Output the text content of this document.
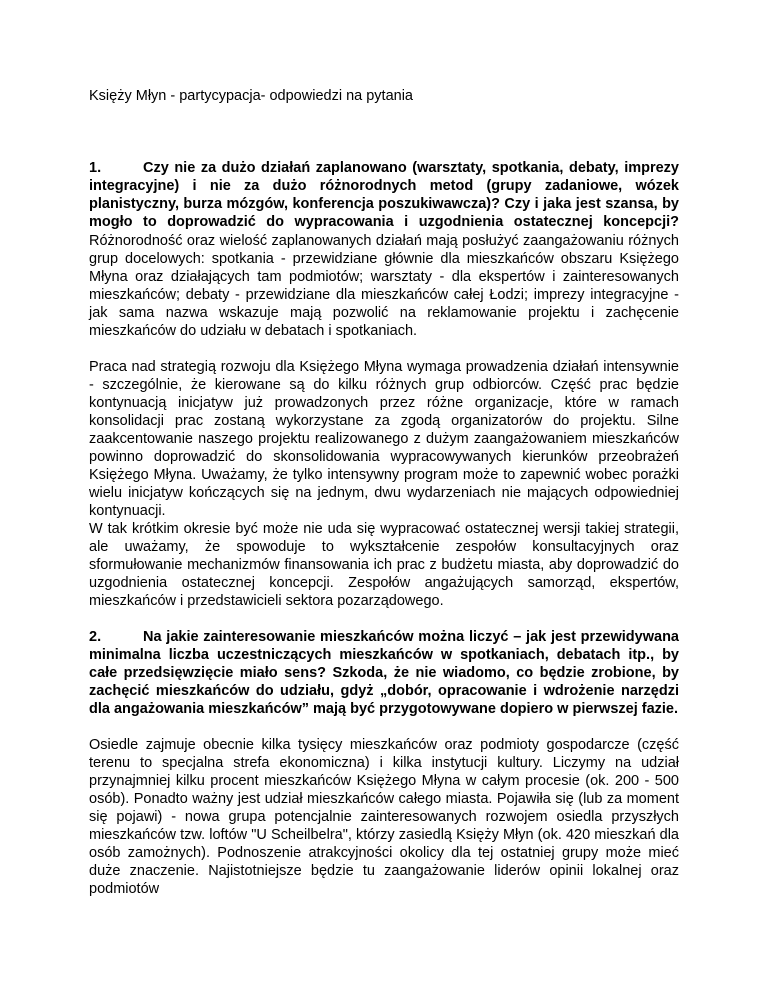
Księży Młyn - partycypacja- odpowiedzi na pytania
1.	Czy nie za dużo działań zaplanowano (warsztaty, spotkania, debaty, imprezy integracyjne) i nie za dużo różnorodnych metod (grupy zadaniowe, wózek planistyczny, burza mózgów, konferencja poszukiwawcza)? Czy i jaka jest szansa, by mogło to doprowadzić do wypracowania i uzgodnienia ostatecznej koncepcji?
Różnorodność oraz wielość zaplanowanych działań mają posłużyć zaangażowaniu różnych grup docelowych: spotkania - przewidziane głównie dla mieszkańców obszaru Księżego Młyna oraz działających tam podmiotów; warsztaty - dla ekspertów i zainteresowanych mieszkańców; debaty - przewidziane dla mieszkańców całej Łodzi; imprezy integracyjne - jak sama nazwa wskazuje mają pozwolić na reklamowanie projektu i zachęcenie mieszkańców do udziału w debatach i spotkaniach.
Praca nad strategią rozwoju dla Księżego Młyna wymaga prowadzenia działań intensywnie - szczególnie, że kierowane są do kilku różnych grup odbiorców. Część prac będzie kontynuacją inicjatyw już prowadzonych przez różne organizacje, które w ramach konsolidacji prac zostaną wykorzystane za zgodą organizatorów do projektu. Silne zaakcentowanie naszego projektu realizowanego z dużym zaangażowaniem mieszkańców powinno doprowadzić do skonsolidowania wypracowywanych kierunków przeobrażeń Księżego Młyna. Uważamy, że tylko intensywny program może to zapewnić wobec porażki wielu inicjatyw kończących się na jednym, dwu wydarzeniach nie mających odpowiedniej kontynuacji.
W tak krótkim okresie być może nie uda się wypracować ostatecznej wersji takiej strategii, ale uważamy, że spowoduje to wykształcenie zespołów konsultacyjnych oraz sformułowanie mechanizmów finansowania ich prac z budżetu miasta, aby doprowadzić do uzgodnienia ostatecznej koncepcji. Zespołów angażujących samorząd, ekspertów, mieszkańców i przedstawicieli sektora pozarządowego.
2.	Na jakie zainteresowanie mieszkańców można liczyć – jak jest przewidywana minimalna liczba uczestniczących mieszkańców w spotkaniach, debatach itp., by całe przedsięwzięcie miało sens? Szkoda, że nie wiadomo, co będzie zrobione, by zachęcić mieszkańców do udziału, gdyż „dobór, opracowanie i wdrożenie narzędzi dla angażowania mieszkańców” mają być przygotowywane dopiero w pierwszej fazie.
Osiedle zajmuje obecnie kilka tysięcy mieszkańców oraz podmioty gospodarcze (część terenu to specjalna strefa ekonomiczna) i kilka instytucji kultury. Liczymy na udział przynajmniej kilku procent mieszkańców Księżego Młyna w całym procesie (ok. 200 - 500 osób). Ponadto ważny jest udział mieszkańców całego miasta. Pojawiła się (lub za moment się pojawi) - nowa grupa potencjalnie zainteresowanych rozwojem osiedla przyszłych mieszkańców tzw. loftów "U Scheilbelra", którzy zasiedlą Księży Młyn (ok. 420 mieszkań dla osób zamożnych). Podnoszenie atrakcyjności okolicy dla tej ostatniej grupy może mieć duże znaczenie. Najistotniejsze będzie tu zaangażowanie liderów opinii lokalnej oraz podmiotów
